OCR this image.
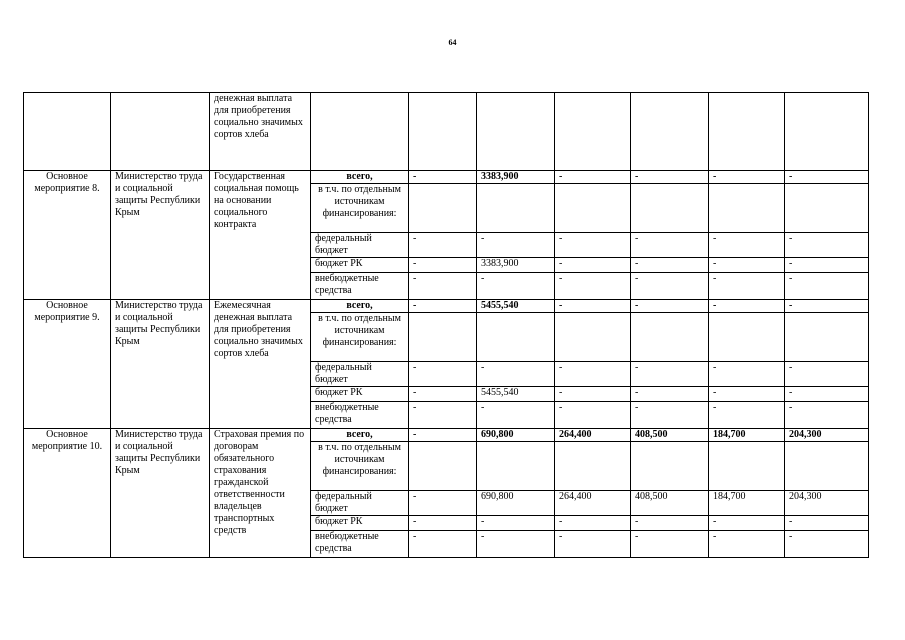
64
		денежная выплата для приобретения социально значимых сортов хлеба							
Основное мероприятие 8.	Министерство труда и социальной защиты Республики Крым	Государственная социальная помощь на основании социального контракта	всего,	-	3383,900	-	-	-	-
			в т.ч. по отдельным источникам финансирования:						
			федеральный бюджет	-	-	-	-	-	-
			бюджет РК	-	3383,900	-	-	-	-
			внебюджетные средства	-	-	-	-	-	-
Основное мероприятие 9.	Министерство труда и социальной защиты Республики Крым	Ежемесячная денежная выплата для приобретения социально значимых сортов хлеба	всего,	-	5455,540	-	-	-	-
			в т.ч. по отдельным источникам финансирования:						
			федеральный бюджет	-	-	-	-	-	-
			бюджет РК	-	5455,540	-	-	-	-
			внебюджетные средства	-	-	-	-	-	-
Основное мероприятие 10.	Министерство труда и социальной защиты Республики Крым	Страховая премия по договорам обязательного страхования гражданской ответственности владельцев транспортных средств	всего,	-	690,800	264,400	408,500	184,700	204,300
			в т.ч. по отдельным источникам финансирования:						
			федеральный бюджет	-	690,800	264,400	408,500	184,700	204,300
			бюджет РК	-	-	-	-	-	-
			внебюджетные средства	-	-	-	-	-	-
